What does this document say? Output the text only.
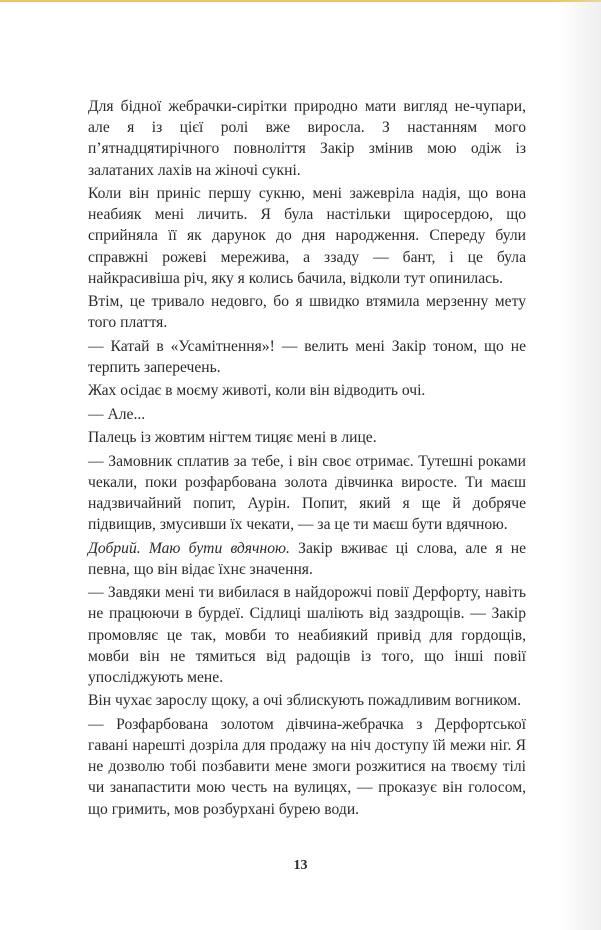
Для бідної жебрачки-сирітки природно мати вигляд не-чупари, але я із цієї ролі вже виросла. З настанням мого п’ятнадцятирічного повноліття Закір змінив мою одіж із залатаних лахів на жіночі сукні.

Коли він приніс першу сукню, мені зажевріла надія, що вона неабияк мені личить. Я була настільки щиросердою, що сприйняла її як дарунок до дня народження. Спереду були справжні рожеві мережива, а ззаду — бант, і це була найкрасивіша річ, яку я колись бачила, відколи тут опинилась.

Втім, це тривало недовго, бо я швидко втямила мерзенну мету того плаття.

— Катай в «Усамітнення»! — велить мені Закір тоном, що не терпить заперечень.

Жах осідає в моєму животі, коли він відводить очі.

— Але...

Палець із жовтим нігтем тицяє мені в лице.

— Замовник сплатив за тебе, і він своє отримає. Тутешні роками чекали, поки розфарбована золота дівчинка виросте. Ти маєш надзвичайний попит, Аурін. Попит, який я ще й добряче підвищив, змусивши їх чекати, — за це ти маєш бути вдячною.

Добрий. Маю бути вдячною. Закір вживає ці слова, але я не певна, що він відає їхнє значення.

— Завдяки мені ти вибилася в найдорожчі повії Дерфорту, навіть не працюючи в бурдеї. Сідлиці шаліють від заздрощів. — Закір промовляє це так, мовби то неабиякий привід для гордощів, мовби він не тямиться від радощів із того, що інші повії упосліджують мене.

Він чухає зарослу щоку, а очі зблискують пожадливим вогником.

— Розфарбована золотом дівчина-жебрачка з Дерфортської гавані нарешті дозріла для продажу на ніч доступу їй межи ніг. Я не дозволю тобі позбавити мене змоги розжитися на твоєму тілі чи занапастити мою честь на вулицях, — проказує він голосом, що гримить, мов розбурхані бурею води.

13
